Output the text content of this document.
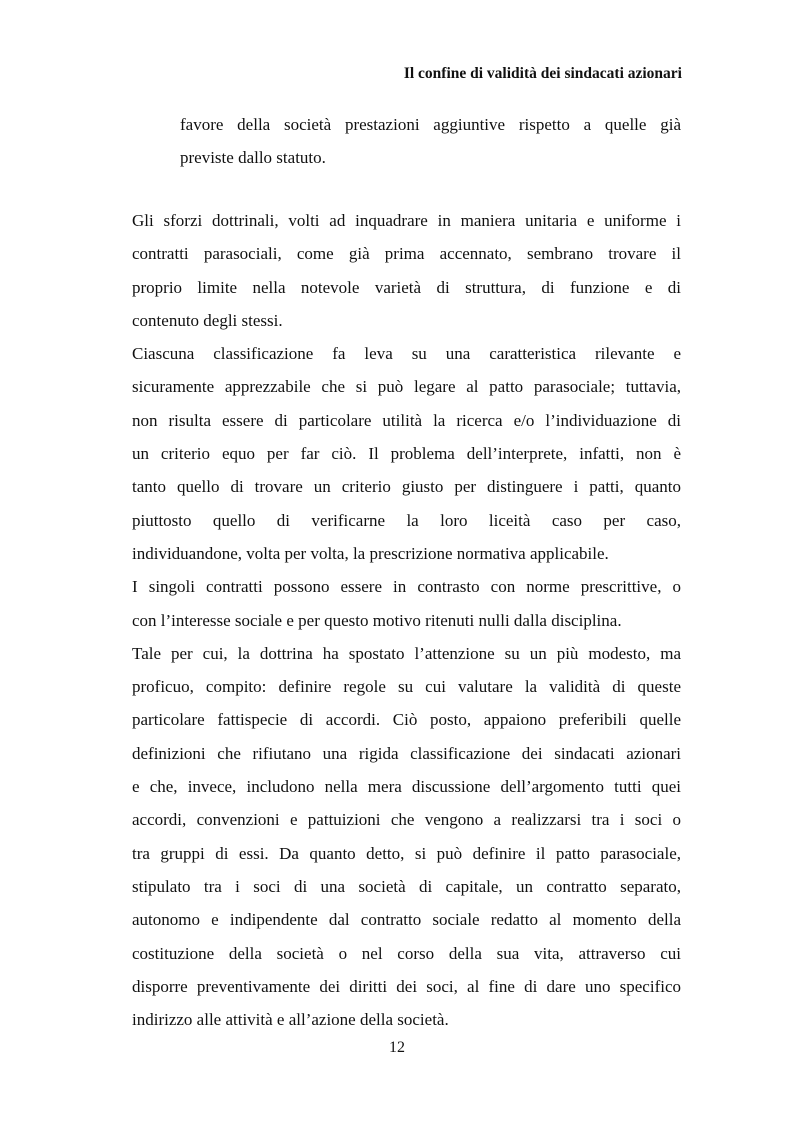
Il confine di validità dei sindacati azionari
favore della società prestazioni aggiuntive rispetto a quelle già
previste dallo statuto.
Gli sforzi dottrinali, volti ad inquadrare in maniera unitaria e uniforme i
contratti parasociali, come già prima accennato, sembrano trovare il
proprio limite nella notevole varietà di struttura, di funzione e di
contenuto degli stessi.
Ciascuna classificazione fa leva su una caratteristica rilevante e
sicuramente apprezzabile che si può legare al patto parasociale; tuttavia,
non risulta essere di particolare utilità la ricerca e/o l’individuazione di
un criterio equo per far ciò. Il problema dell’interprete, infatti, non è
tanto quello di trovare un criterio giusto per distinguere i patti, quanto
piuttosto quello di verificarne la loro liceità caso per caso,
individuandone, volta per volta, la prescrizione normativa applicabile.
I singoli contratti possono essere in contrasto con norme prescrittive, o
con l’interesse sociale e per questo motivo ritenuti nulli dalla disciplina.
Tale per cui, la dottrina ha spostato l’attenzione su un più modesto, ma
proficuo, compito: definire regole su cui valutare la validità di queste
particolare fattispecie di accordi. Ciò posto, appaiono preferibili quelle
definizioni che rifiutano una rigida classificazione dei sindacati azionari
e che, invece, includono nella mera discussione dell’argomento tutti quei
accordi, convenzioni e pattuizioni che vengono a realizzarsi tra i soci o
tra gruppi di essi. Da quanto detto, si può definire il patto parasociale,
stipulato tra i soci di una società di capitale, un contratto separato,
autonomo e indipendente dal contratto sociale redatto al momento della
costituzione della società o nel corso della sua vita, attraverso cui
disporre preventivamente dei diritti dei soci, al fine di dare uno specifico
indirizzo alle attività e all’azione della società.
12
